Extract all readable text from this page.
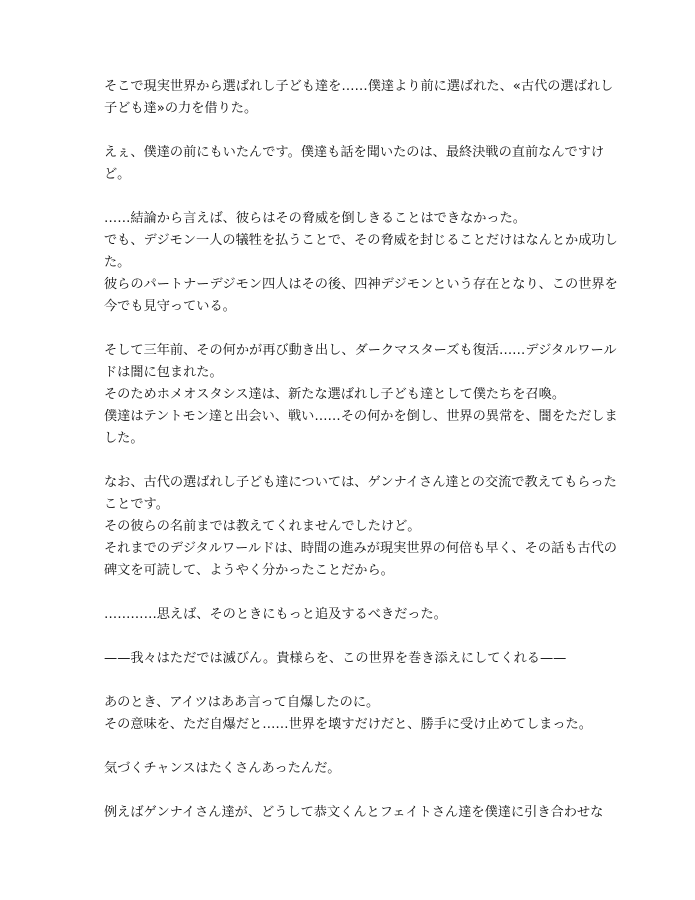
そこで現実世界から選ばれし子ども達を……僕達より前に選ばれた、«古代の選ばれし
子ども達»の力を借りた。
えぇ、僕達の前にもいたんです。僕達も話を聞いたのは、最終決戦の直前なんですけ
ど。
……結論から言えば、彼らはその脅威を倒しきることはできなかった。
でも、デジモン一人の犠牲を払うことで、その脅威を封じることだけはなんとか成功し
た。
彼らのパートナーデジモン四人はその後、四神デジモンという存在となり、この世界を
今でも見守っている。
そして三年前、その何かが再び動き出し、ダークマスターズも復活……デジタルワール
ドは闇に包まれた。
そのためホメオスタシス達は、新たな選ばれし子ども達として僕たちを召喚。
僕達はテントモン達と出会い、戦い……その何かを倒し、世界の異常を、闇をただしま
した。
なお、古代の選ばれし子ども達については、ゲンナイさん達との交流で教えてもらった
ことです。
その彼らの名前までは教えてくれませんでしたけど。
それまでのデジタルワールドは、時間の進みが現実世界の何倍も早く、その話も古代の
碑文を可読して、ようやく分かったことだから。
…………思えば、そのときにもっと追及するべきだった。
——我々はただでは滅びん。貴様らを、この世界を巻き添えにしてくれる——
あのとき、アイツはああ言って自爆したのに。
その意味を、ただ自爆だと……世界を壊すだけだと、勝手に受け止めてしまった。
気づくチャンスはたくさんあったんだ。
例えばゲンナイさん達が、どうして恭文くんとフェイトさん達を僕達に引き合わせな
